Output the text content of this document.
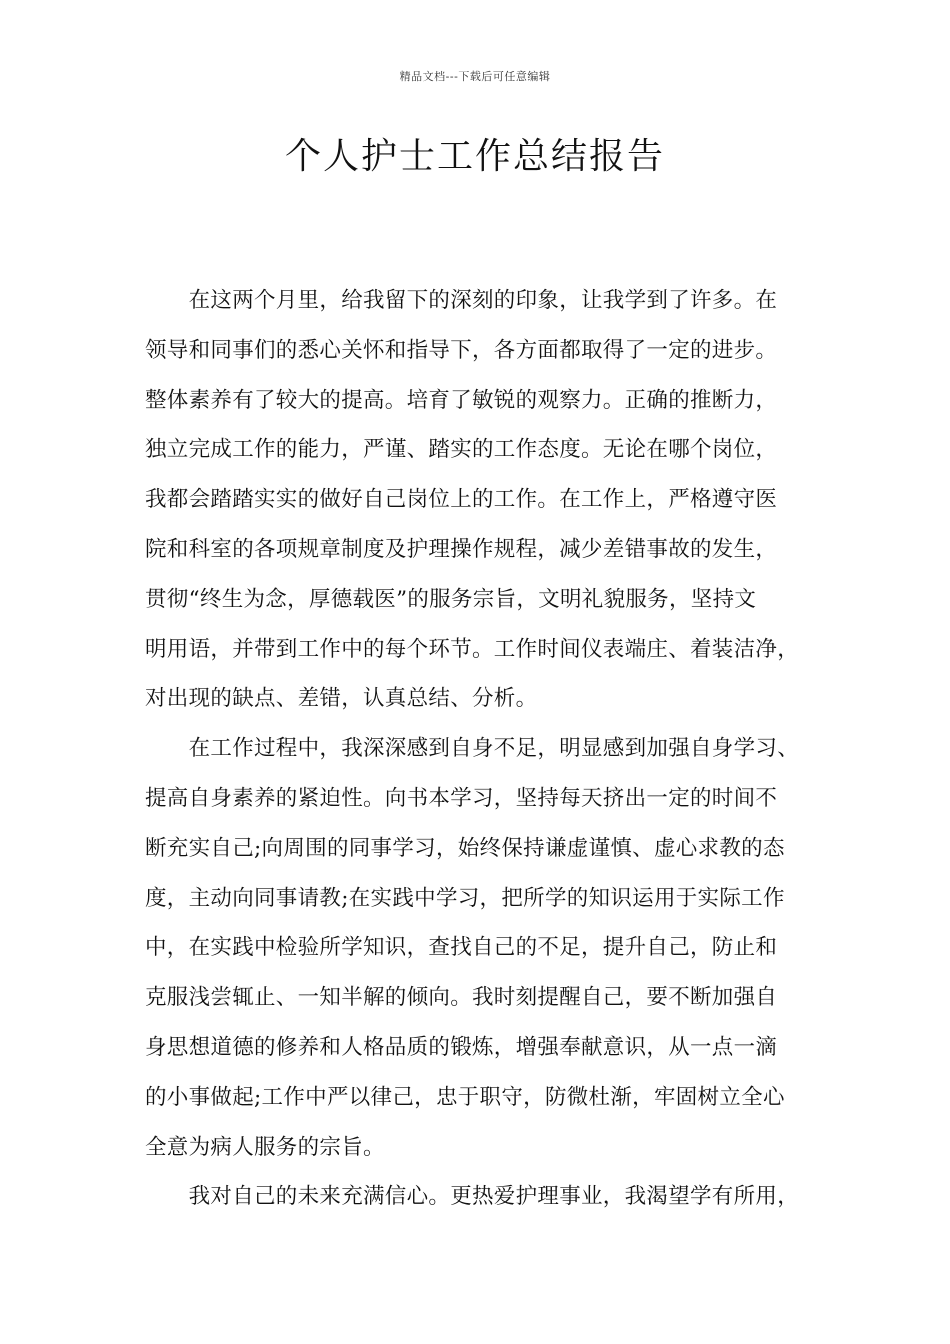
精品文档---下载后可任意编辑
个人护士工作总结报告
　　在这两个月里，给我留下的深刻的印象，让我学到了许多。在
领导和同事们的悉心关怀和指导下，各方面都取得了一定的进步。
整体素养有了较大的提高。培育了敏锐的观察力。正确的推断力，
独立完成工作的能力，严谨、踏实的工作态度。无论在哪个岗位，
我都会踏踏实实的做好自己岗位上的工作。在工作上，严格遵守医
院和科室的各项规章制度及护理操作规程，减少差错事故的发生，
贯彻“终生为念，厚德载医”的服务宗旨，文明礼貌服务，坚持文
明用语，并带到工作中的每个环节。工作时间仪表端庄、着装洁净，
对出现的缺点、差错，认真总结、分析。
　　在工作过程中，我深深感到自身不足，明显感到加强自身学习、
提高自身素养的紧迫性。向书本学习，坚持每天挤出一定的时间不
断充实自己;向周围的同事学习，始终保持谦虚谨慎、虚心求教的态
度，主动向同事请教;在实践中学习，把所学的知识运用于实际工作
中，在实践中检验所学知识，查找自己的不足，提升自己，防止和
克服浅尝辄止、一知半解的倾向。我时刻提醒自己，要不断加强自
身思想道德的修养和人格品质的锻炼，增强奉献意识，从一点一滴
的小事做起;工作中严以律己，忠于职守，防微杜渐，牢固树立全心
全意为病人服务的宗旨。
　　我对自己的未来充满信心。更热爱护理事业，我渴望学有所用，
